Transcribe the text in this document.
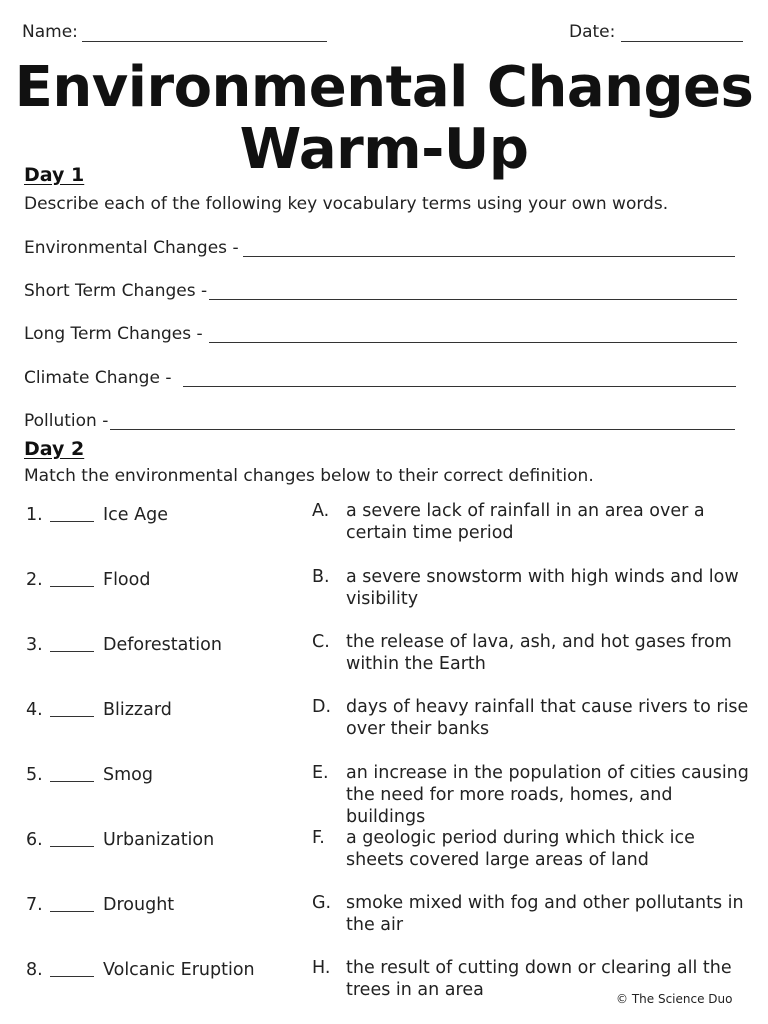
Name:	Date:
Environmental Changes
Warm-Up
Day 1
Describe each of the following key vocabulary terms using your own words.
Environmental Changes -
Short Term Changes -
Long Term Changes -
Climate Change -
Pollution -
Day 2
Match the environmental changes below to their correct definition.
1.	Ice Age	A. a severe lack of rainfall in an area over a certain time period
2.	Flood	B. a severe snowstorm with high winds and low visibility
3.	Deforestation	C. the release of lava, ash, and hot gases from within the Earth
4.	Blizzard	D. days of heavy rainfall that cause rivers to rise over their banks
5.	Smog	E. an increase in the population of cities causing the need for more roads, homes, and buildings
6.	Urbanization	F. a geologic period during which thick ice sheets covered large areas of land
7.	Drought	G. smoke mixed with fog and other pollutants in the air
8.	Volcanic Eruption	H. the result of cutting down or clearing all the trees in an area	© The Science Duo
